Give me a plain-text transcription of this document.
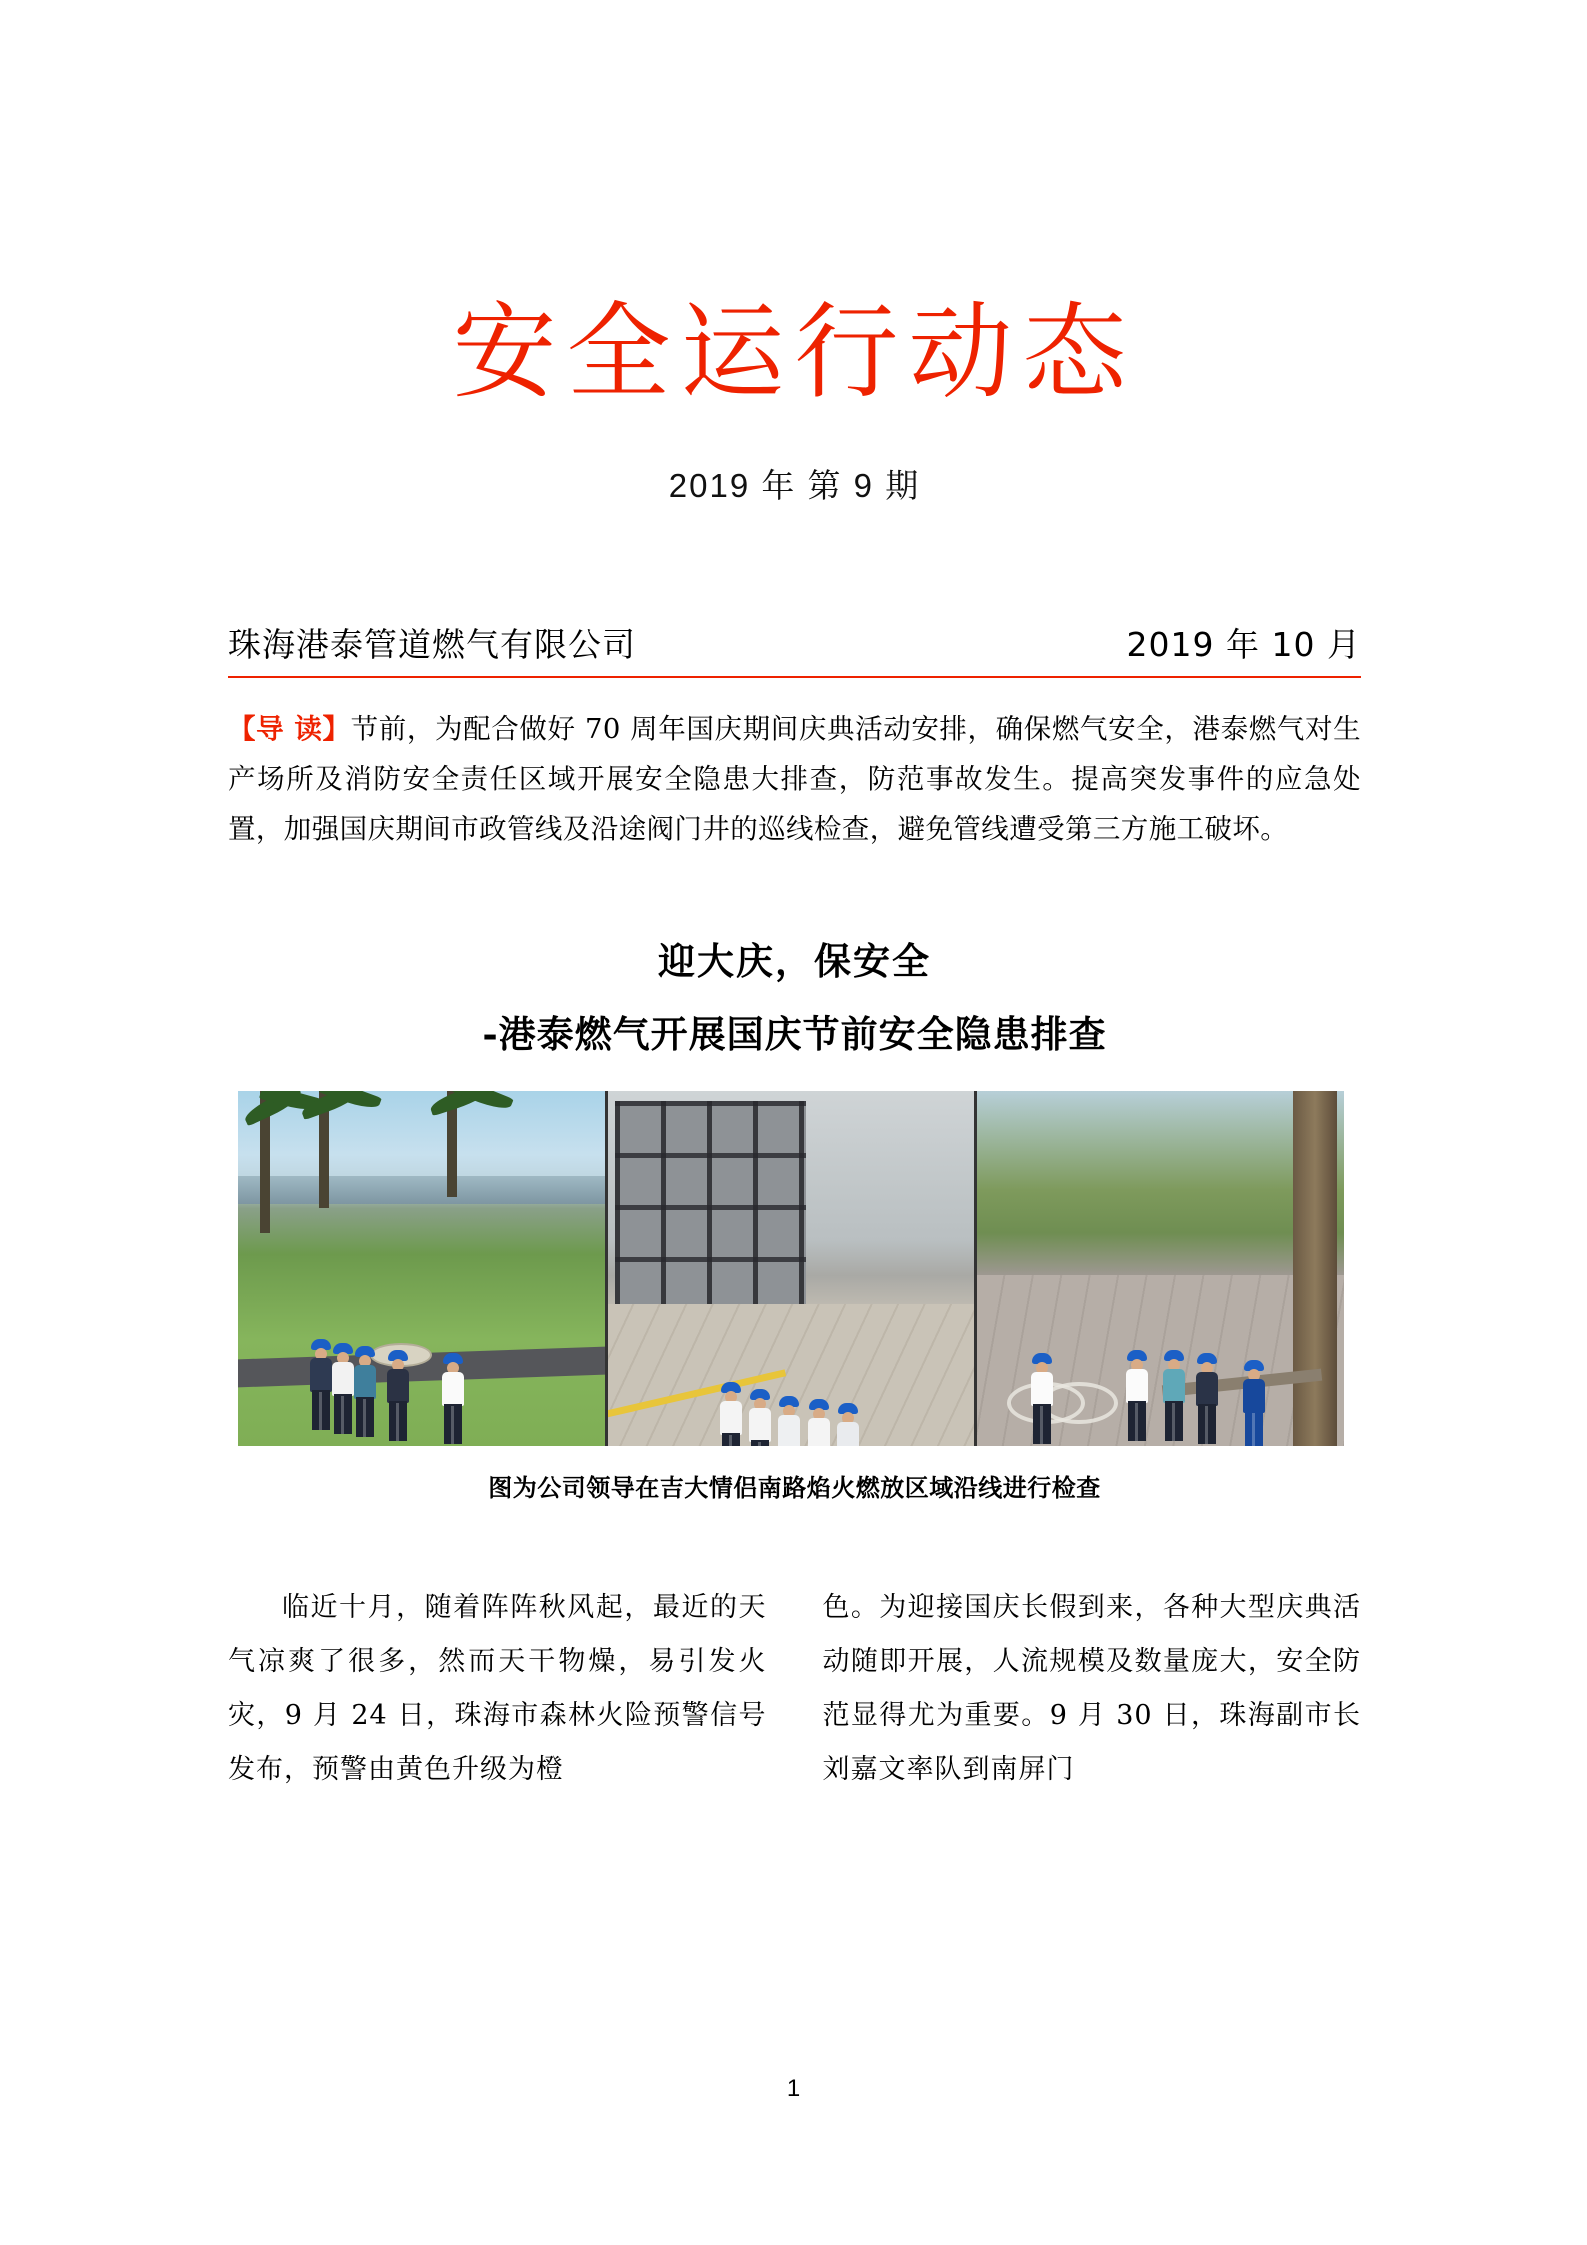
安全运行动态
2019 年 第 9 期
珠海港泰管道燃气有限公司	2019 年 10 月
【导 读】节前，为配合做好 70 周年国庆期间庆典活动安排，确保燃气安全，港泰燃气对生产场所及消防安全责任区域开展安全隐患大排查，防范事故发生。提高突发事件的应急处置，加强国庆期间市政管线及沿途阀门井的巡线检查，避免管线遭受第三方施工破坏。
迎大庆，保安全
-港泰燃气开展国庆节前安全隐患排查
图为公司领导在吉大情侣南路焰火燃放区域沿线进行检查
临近十月，随着阵阵秋风起，最近的天气凉爽了很多，然而天干物燥，易引发火灾，9 月 24 日，珠海市森林火险预警信号发布，预警由黄色升级为橙
色。为迎接国庆长假到来，各种大型庆典活动随即开展，人流规模及数量庞大，安全防范显得尤为重要。9 月 30 日，珠海副市长刘嘉文率队到南屏门
1
